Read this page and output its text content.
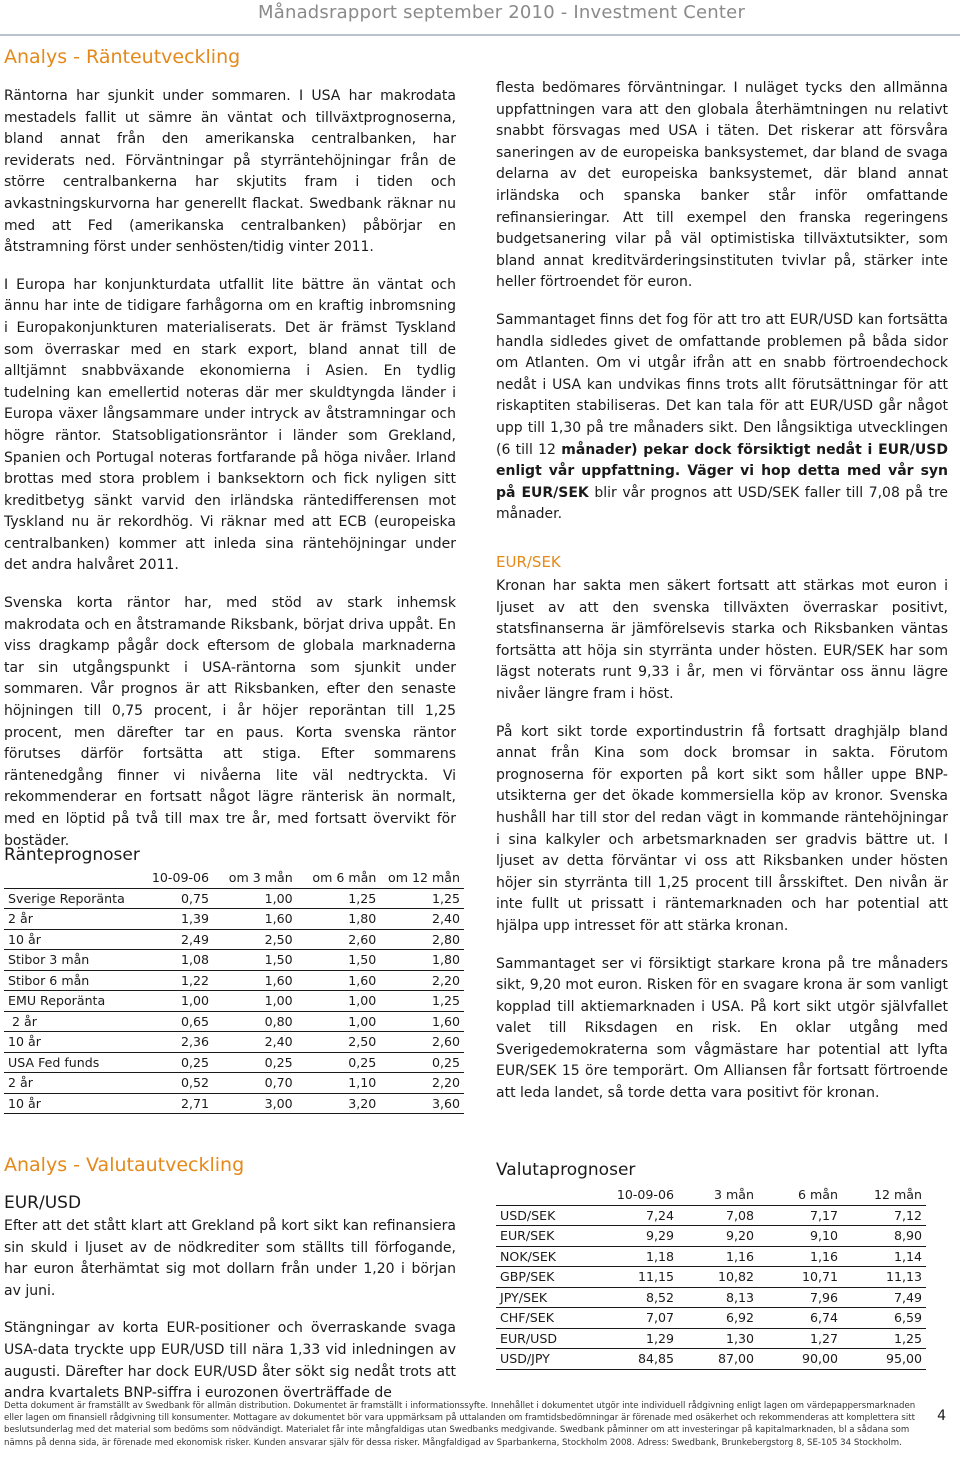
Månadsrapport september 2010 - Investment Center
Analys - Ränteutveckling

Räntorna har sjunkit under sommaren. I USA har makrodata mestadels fallit ut sämre än väntat och tillväxtprognoserna, bland annat från den amerikanska centralbanken, har reviderats ned. Förväntningar på styrräntehöjningar från de större centralbankerna har skjutits fram i tiden och avkastningskurvorna har generellt flackat. Swedbank räknar nu med att Fed (amerikanska centralbanken) påbörjar en åtstramning först under senhösten/tidig vinter 2011.

I Europa har konjunkturdata utfallit lite bättre än väntat och ännu har inte de tidigare farhågorna om en kraftig inbromsning i Europakonjunkturen materialiserats. Det är främst Tyskland som överraskar med en stark export, bland annat till de alltjämnt snabbväxande ekonomierna i Asien. En tydlig tudelning kan emellertid noteras där mer skuldtyngda länder i Europa växer långsammare under intryck av åtstramningar och högre räntor. Statsobligationsräntor i länder som Grekland, Spanien och Portugal noteras fortfarande på höga nivåer. Irland brottas med stora problem i banksektorn och fick nyligen sitt kreditbetyg sänkt varvid den irländska räntedifferensen mot Tyskland nu är rekordhög. Vi räknar med att ECB (europeiska centralbanken) kommer att inleda sina räntehöjningar under det andra halvåret 2011.

Svenska korta räntor har, med stöd av stark inhemsk makrodata och en åtstramande Riksbank, börjat driva uppåt. En viss dragkamp pågår dock eftersom de globala marknaderna tar sin utgångspunkt i USA-räntorna som sjunkit under sommaren. Vår prognos är att Riksbanken, efter den senaste höjningen till 0,75 procent, i år höjer reporäntan till 1,25 procent, men därefter tar en paus. Korta svenska räntor förutses därför fortsätta att stiga. Efter sommarens räntenedgång finner vi nivåerna lite väl nedtryckta. Vi rekommenderar en fortsatt något lägre ränterisk än normalt, med en löptid på två till max tre år, med fortsatt övervikt för bostäder.

Ränteprognoser
	10-09-06	om 3 mån	om 6 mån	om 12 mån
Sverige Reporänta	0,75	1,00	1,25	1,25
2 år	1,39	1,60	1,80	2,40
10 år	2,49	2,50	2,60	2,80
Stibor 3 mån	1,08	1,50	1,50	1,80
Stibor 6 mån	1,22	1,60	1,60	2,20
EMU Reporänta	1,00	1,00	1,00	1,25
2 år	0,65	0,80	1,00	1,60
10 år	2,36	2,40	2,50	2,60
USA Fed funds	0,25	0,25	0,25	0,25
2 år	0,52	0,70	1,10	2,20
10 år	2,71	3,00	3,20	3,60

flesta bedömares förväntningar. I nuläget tycks den allmänna uppfattningen vara att den globala återhämtningen nu relativt snabbt försvagas med USA i täten. Det riskerar att försvåra saneringen av de europeiska banksystemet, dar bland de svaga delarna av det europeiska banksystemet, där bland annat irländska och spanska banker står inför omfattande refinansieringar. Att till exempel den franska regeringens budgetsanering vilar på väl optimistiska tillväxtutsikter, som bland annat kreditvärderingsinstituten tvivlar på, stärker inte heller förtroendet för euron.

Sammantaget finns det fog för att tro att EUR/USD kan fortsätta handla sidledes givet de omfattande problemen på båda sidor om Atlanten. Om vi utgår ifrån att en snabb förtroendechock nedåt i USA kan undvikas finns trots allt förutsättningar för att riskaptiten stabiliseras. Det kan tala för att EUR/USD går något upp till 1,30 på tre månaders sikt. Den långsiktiga utvecklingen (6 till 12 månader) pekar dock försiktigt nedåt i EUR/USD enligt vår uppfattning. Väger vi hop detta med vår syn på EUR/SEK blir vår prognos att USD/SEK faller till 7,08 på tre månader.

EUR/SEK

Kronan har sakta men säkert fortsatt att stärkas mot euron i ljuset av att den svenska tillväxten överraskar positivt, statsfinanserna är jämförelsevis starka och Riksbanken väntas fortsätta att höja sin styrränta under hösten. EUR/SEK har som lägst noterats runt 9,33 i år, men vi förväntar oss ännu lägre nivåer längre fram i höst.

På kort sikt torde exportindustrin få fortsatt draghjälp bland annat från Kina som dock bromsar in sakta. Förutom prognoserna för exporten på kort sikt som håller uppe BNP-utsikterna ger det ökade kommersiella köp av kronor. Svenska hushåll har till stor del redan vägt in kommande räntehöjningar i sina kalkyler och arbetsmarknaden ser gradvis bättre ut. I ljuset av detta förväntar vi oss att Riksbanken under hösten höjer sin styrränta till 1,25 procent till årsskiftet. Den nivån är inte fullt ut prissatt i räntemarknaden och har potential att hjälpa upp intresset för att stärka kronan.

Sammantaget ser vi försiktigt starkare krona på tre månaders sikt, 9,20 mot euron. Risken för en svagare krona är som vanligt kopplad till aktiemarknaden i USA. På kort sikt utgör självfallet valet till Riksdagen en risk. En oklar utgång med Sverigedemokraterna som vågmästare har potential att lyfta EUR/SEK 15 öre temporärt. Om Alliansen får fortsatt förtroende att leda landet, så torde detta vara positivt för kronan.

Analys - Valutautveckling
EUR/USD

Efter att det stått klart att Grekland på kort sikt kan refinansiera sin skuld i ljuset av de nödkrediter som ställts till förfogande, har euron återhämtat sig mot dollarn från under 1,20 i början av juni.

Stängningar av korta EUR-positioner och överraskande svaga USA-data tryckte upp EUR/USD till nära 1,33 vid inledningen av augusti. Därefter har dock EUR/USD åter sökt sig nedåt trots att andra kvartalets BNP-siffra i eurozonen överträffade de

Valutaprognoser
	10-09-06	3 mån	6 mån	12 mån
USD/SEK	7,24	7,08	7,17	7,12
EUR/SEK	9,29	9,20	9,10	8,90
NOK/SEK	1,18	1,16	1,16	1,14
GBP/SEK	11,15	10,82	10,71	11,13
JPY/SEK	8,52	8,13	7,96	7,49
CHF/SEK	7,07	6,92	6,74	6,59
EUR/USD	1,29	1,30	1,27	1,25
USD/JPY	84,85	87,00	90,00	95,00
Detta dokument är framställt av Swedbank för allmän distribution. Dokumentet är framställt i informationssyfte. Innehållet i dokumentet utgör inte individuell rådgivning enligt lagen om värdepappersmarknaden eller lagen om finansiell rådgivning till konsumenter. Mottagare av dokumentet bör vara uppmärksam på uttalanden om framtidsbedömningar är förenade med osäkerhet och rekommenderas att komplettera sitt beslutsunderlag med det material som bedöms som nödvändigt. Materialet får inte mångfaldigas utan Swedbanks medgivande. Swedbank påminner om att investeringar på kapitalmarknaden, bl a sådana som nämns på denna sida, är förenade med ekonomisk risker. Kunden ansvarar själv för dessa risker. Mångfaldigad av Sparbankerna, Stockholm 2008. Adress: Swedbank, Brunkebergstorg 8, SE-105 34 Stockholm.
4
